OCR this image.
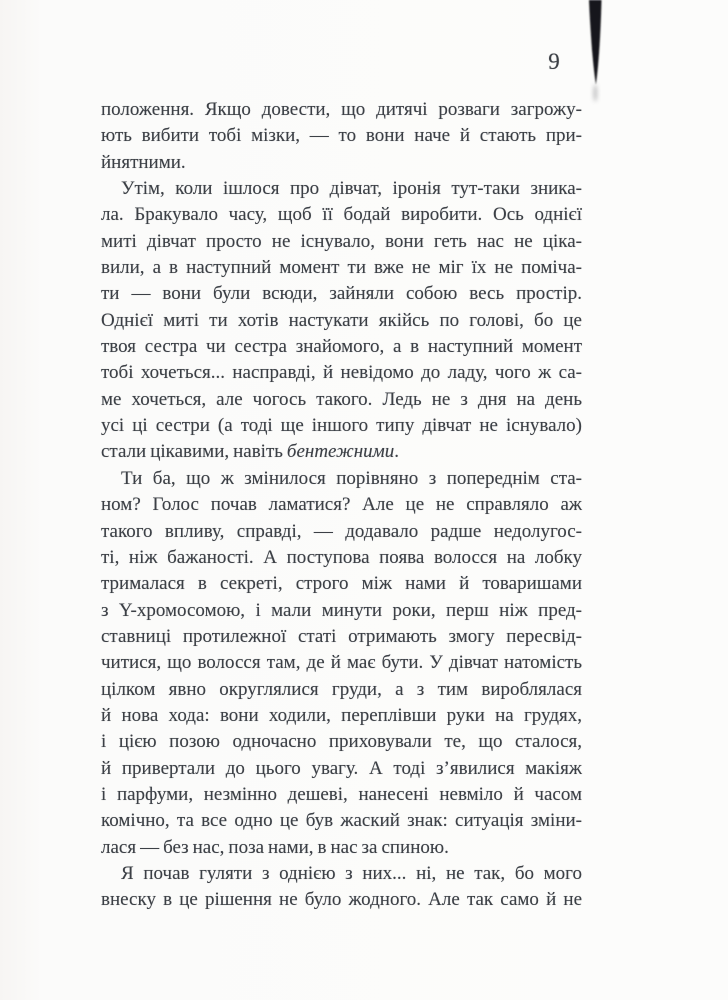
9
положення. Якщо довести, що дитячі розваги загрожу-
ють вибити тобі мізки, — то вони наче й стають при-
йнятними.
Утім, коли ішлося про дівчат, іронія тут-таки зника-
ла. Бракувало часу, щоб її бодай виробити. Ось однієї
миті дівчат просто не існувало, вони геть нас не ціка-
вили, а в наступний момент ти вже не міг їх не поміча-
ти — вони були всюди, зайняли собою весь простір.
Однієї миті ти хотів настукати якійсь по голові, бо це
твоя сестра чи сестра знайомого, а в наступний момент
тобі хочеться... насправді, й невідомо до ладу, чого ж са-
ме хочеться, але чогось такого. Ледь не з дня на день
усі ці сестри (а тоді ще іншого типу дівчат не існувало)
стали цікавими, навіть бентежними.
Ти ба, що ж змінилося порівняно з попереднім ста-
ном? Голос почав ламатися? Але це не справляло аж
такого впливу, справді, — додавало радше недолугос-
ті, ніж бажаності. А поступова поява волосся на лобку
трималася в секреті, строго між нами й товаришами
з Y-хромосомою, і мали минути роки, перш ніж пред-
ставниці протилежної статі отримають змогу пересвід-
читися, що волосся там, де й має бути. У дівчат натомість
цілком явно округлялися груди, а з тим вироблялася
й нова хода: вони ходили, переплівши руки на грудях,
і цією позою одночасно приховували те, що сталося,
й привертали до цього увагу. А тоді з’явилися макіяж
і парфуми, незмінно дешеві, нанесені невміло й часом
комічно, та все одно це був жаский знак: ситуація зміни-
лася — без нас, поза нами, в нас за спиною.
Я почав гуляти з однією з них... ні, не так, бо мого
внеску в це рішення не було жодного. Але так само й не
